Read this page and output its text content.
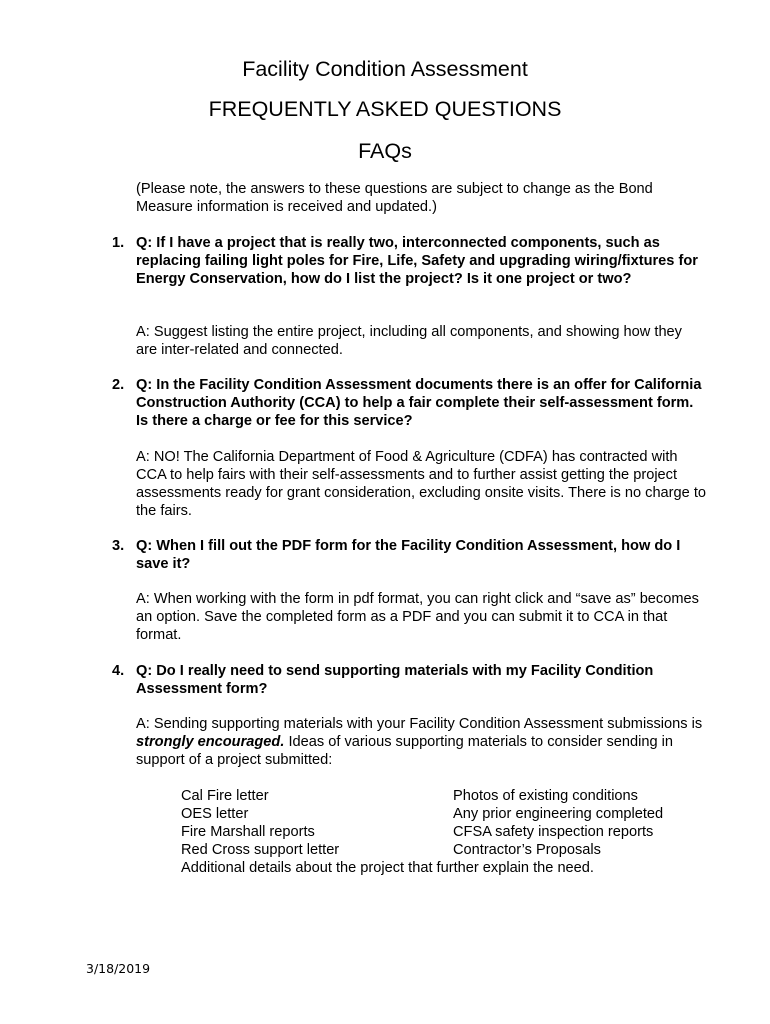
Facility Condition Assessment
FREQUENTLY ASKED QUESTIONS
FAQs
(Please note, the answers to these questions are subject to change as the Bond Measure information is received and updated.)
1. Q: If I have a project that is really two, interconnected components, such as replacing failing light poles for Fire, Life, Safety and upgrading wiring/fixtures for Energy Conservation, how do I list the project? Is it one project or two?
A: Suggest listing the entire project, including all components, and showing how they are inter-related and connected.
2. Q: In the Facility Condition Assessment documents there is an offer for California Construction Authority (CCA) to help a fair complete their self-assessment form. Is there a charge or fee for this service?
A: NO! The California Department of Food & Agriculture (CDFA) has contracted with CCA to help fairs with their self-assessments and to further assist getting the project assessments ready for grant consideration, excluding onsite visits. There is no charge to the fairs.
3. Q: When I fill out the PDF form for the Facility Condition Assessment, how do I save it?
A: When working with the form in pdf format, you can right click and “save as” becomes an option. Save the completed form as a PDF and you can submit it to CCA in that format.
4. Q: Do I really need to send supporting materials with my Facility Condition Assessment form?
A: Sending supporting materials with your Facility Condition Assessment submissions is strongly encouraged. Ideas of various supporting materials to consider sending in support of a project submitted:
Cal Fire letter
OES letter
Fire Marshall reports
Red Cross support letter
Photos of existing conditions
Any prior engineering completed
CFSA safety inspection reports
Contractor’s Proposals
Additional details about the project that further explain the need.
3/18/2019
